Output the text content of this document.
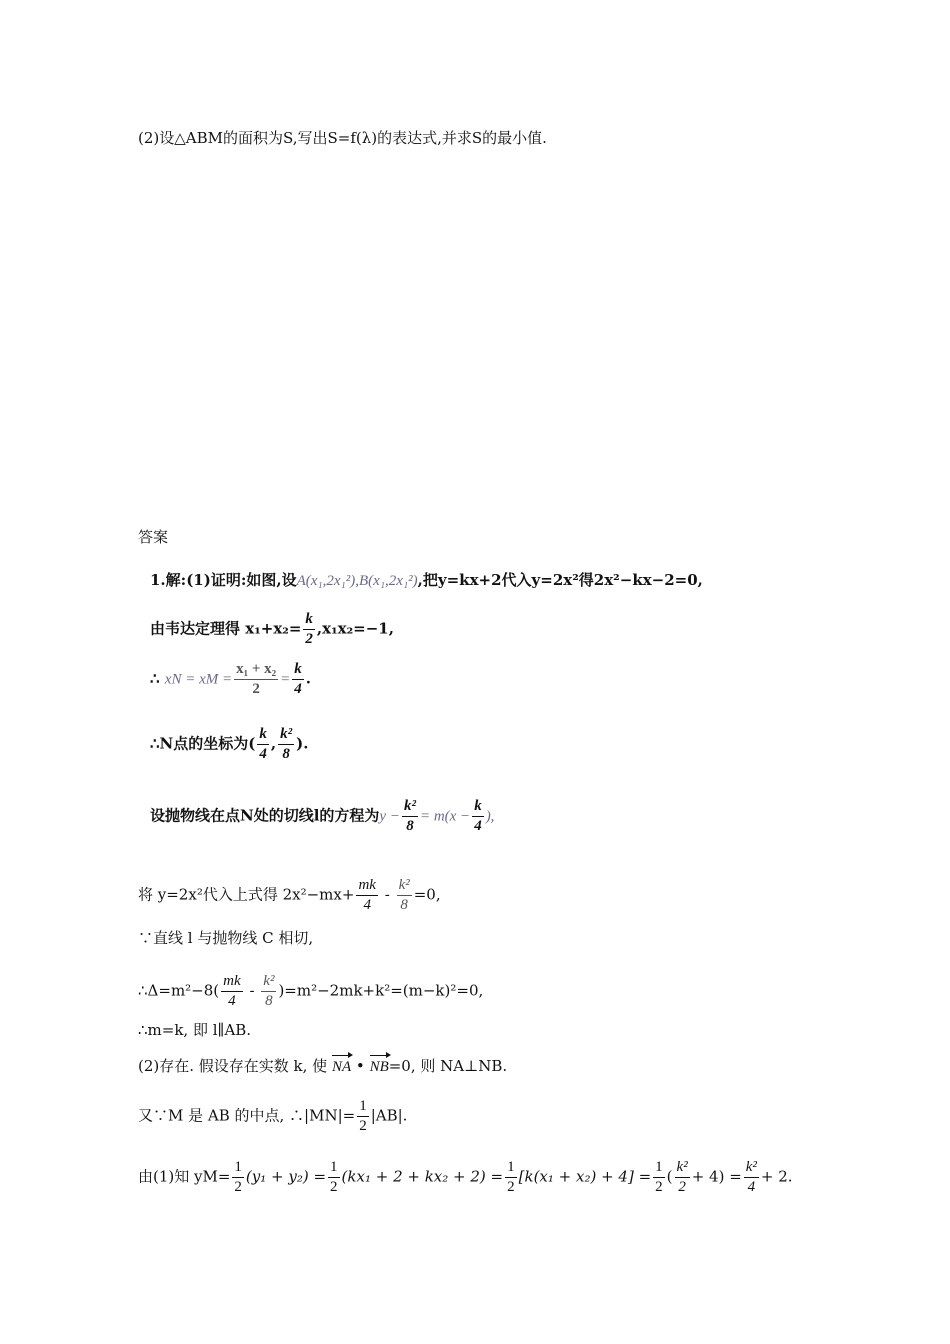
(2)设△ABM的面积为S,写出S=f(λ)的表达式,并求S的最小值.
答案
1.解:(1)证明:如图,设A(x₁,2x₁²),B(x₁,2x₁²),把y=kx+2代入y=2x²得2x²−kx−2=0,
由韦达定理得 $x_1+x_2= \frac{k}{2} ,x_1x_2=-1$,
∴ xN = xM = $\frac{\text{x₁ + x₂}}{2} = \frac{k}{4}$ .
∴N点的坐标为( $\frac{k}{4}$ , $\frac{\text{k²}}{8}$ ).
设抛物线在点N处的切线l的方程为$y - \frac{\text{k²}}{8} = m(x - \frac{k}{4}$ ),
将 y=2x²代入上式得 $2x^2-mx+ \frac{mk}{4} - \frac{\text{k²}}{8} =0$,
∵直线 l 与抛物线 C 相切,
∴Δ=m²−8( $\frac{mk}{4} - \frac{\text{k²}}{8} )=m^2-2mk+k^2=(m-k)^2=0$,
∴m=k, 即 l∥AB.
(2)存在. 假设存在实数 k, 使 NA • NB=0, 则 NA⊥NB.
又∵M 是 AB 的中点, ∴|MN|= $\frac{1}{2} |AB|$.
由(1)知 $yM= \frac{1}{2} (y_1 + y_2) = \frac{1}{2} (kx_1 + 2 + kx_2 + 2) = \frac{1}{2} [k(x_1 + x_2) + 4] = \frac{1}{2}$ ( $\frac{\text{k²}}{2} + 4) = \frac{\text{k²}}{4} + 2$.
